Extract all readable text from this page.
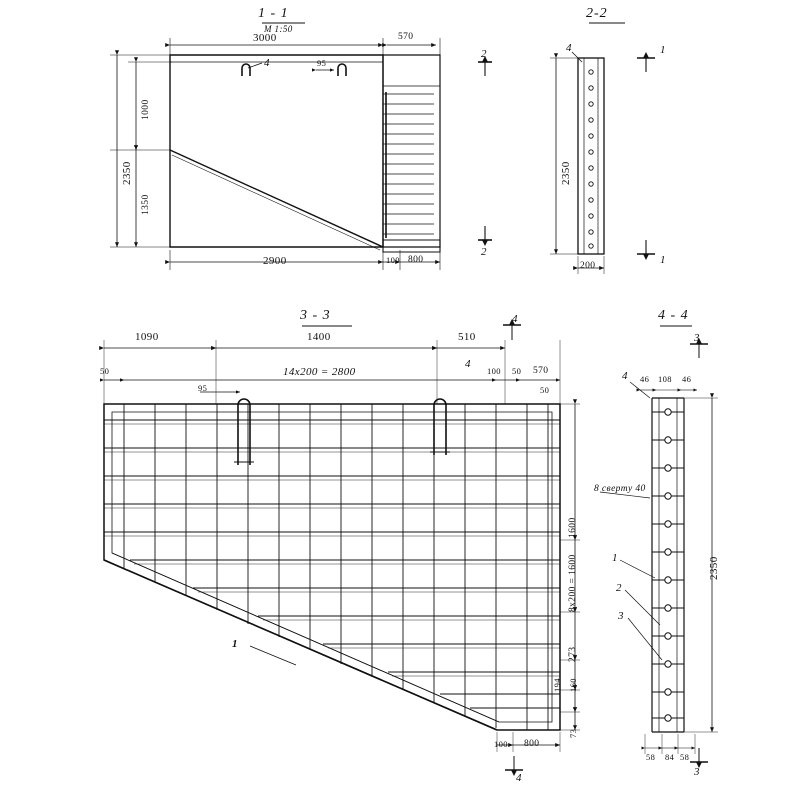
1 - 1
М 1:50
3000	570
1000
1350
2350
2900	100 800
95
4
2
2
2-2
4
2350
200
1
1
3 - 3
1090	1400	510
50
95
14х200 = 2800	100 50 570
50
4
4
4
1600
8х200 = 1600
273
194 160
73
100 800
1
4 - 4
4 46 108 46
2350
58 84 58
3
3
8 свертy 40
1
2
3
